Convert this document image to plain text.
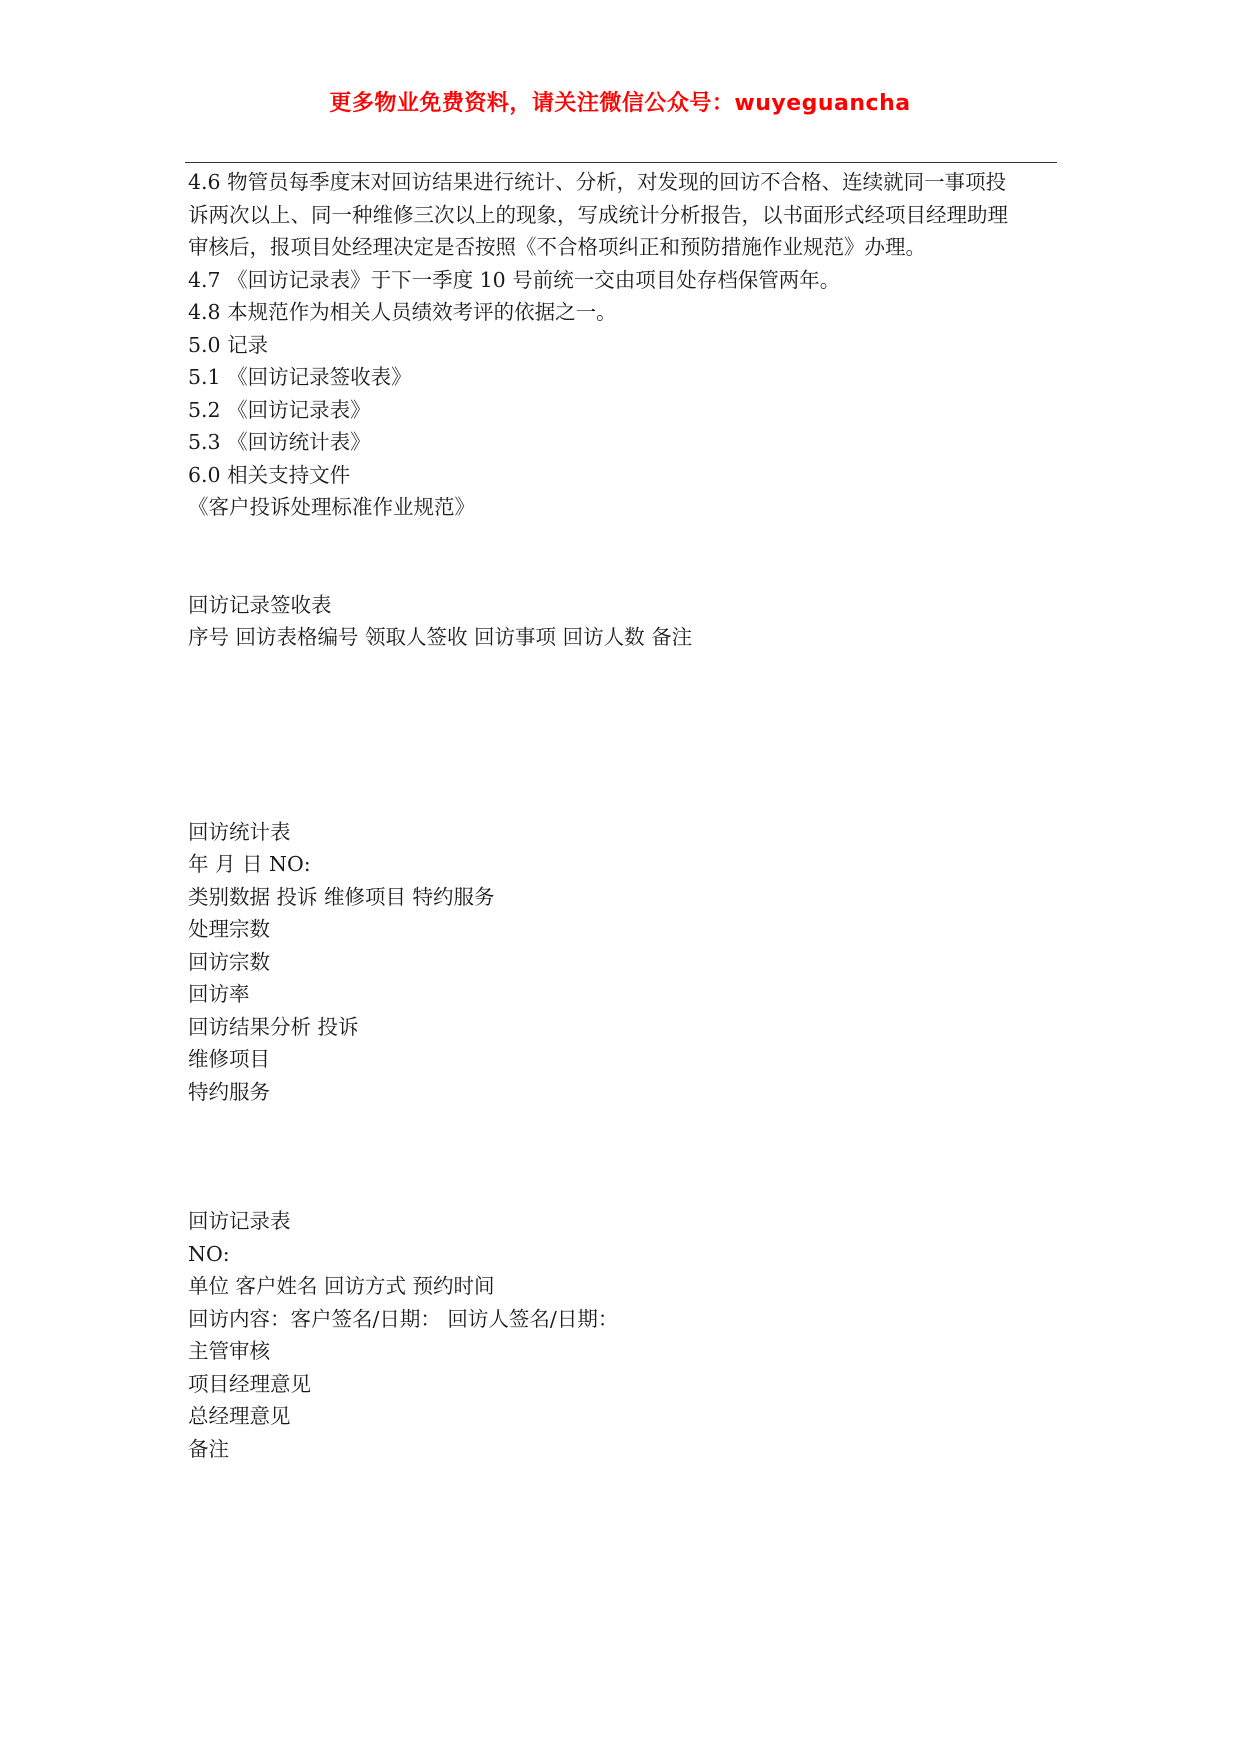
更多物业免费资料，请关注微信公众号：wuyeguancha
4.6 物管员每季度末对回访结果进行统计、分析，对发现的回访不合格、连续就同一事项投
诉两次以上、同一种维修三次以上的现象，写成统计分析报告，以书面形式经项目经理助理
审核后，报项目处经理决定是否按照《不合格项纠正和预防措施作业规范》办理。
4.7 《回访记录表》于下一季度 10 号前统一交由项目处存档保管两年。
4.8 本规范作为相关人员绩效考评的依据之一。
5.0 记录
5.1 《回访记录签收表》
5.2 《回访记录表》
5.3 《回访统计表》
6.0 相关支持文件
《客户投诉处理标准作业规范》
回访记录签收表
序号 回访表格编号 领取人签收 回访事项 回访人数 备注
回访统计表
年 月 日 NO:
类别数据 投诉 维修项目 特约服务
处理宗数
回访宗数
回访率
回访结果分析 投诉
维修项目
特约服务
回访记录表
NO:
单位 客户姓名 回访方式 预约时间
回访内容：客户签名/日期： 回访人签名/日期：
主管审核
项目经理意见
总经理意见
备注
